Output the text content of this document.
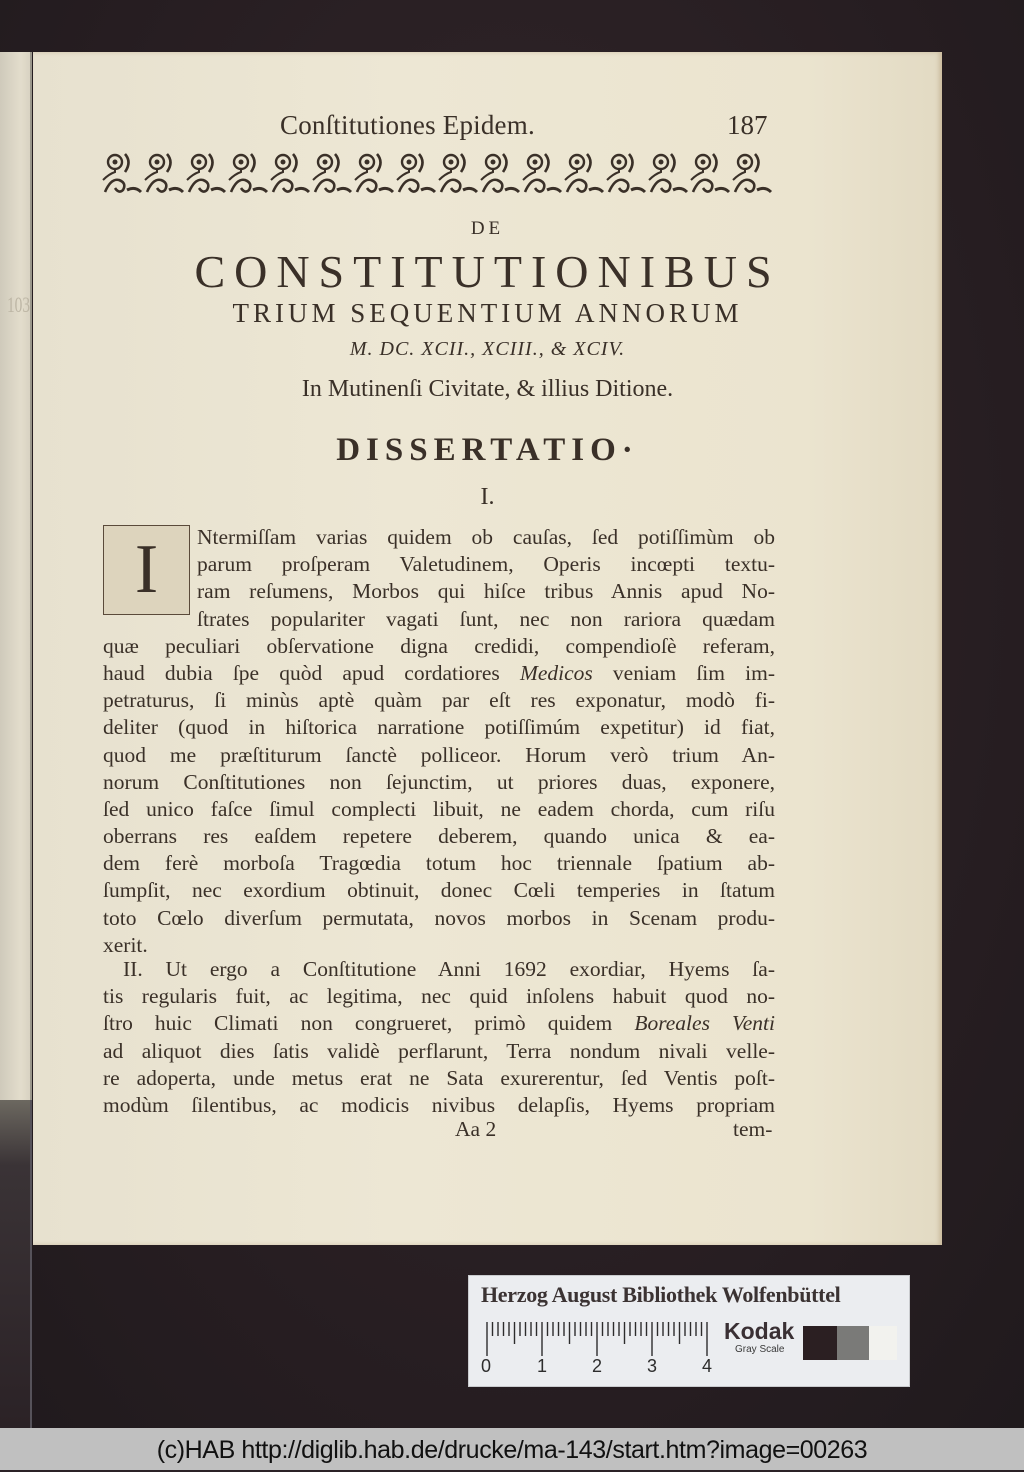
103
Conſtitutiones Epidem.	187
DE
CONSTITUTIONIBUS
TRIUM SEQUENTIUM ANNORUM
M. DC. XCII., XCIII., & XCIV.
In Mutinenſi Civitate, & illius Ditione.
DISSERTATIO·
I.
I	Ntermiſſam varias quidem ob cauſas, ſed potiſſimùm ob
parum proſperam Valetudinem, Operis incœpti textu-
ram reſumens, Morbos qui hiſce tribus Annis apud No-
ſtrates populariter vagati ſunt, nec non rariora quædam
quæ peculiari obſervatione digna credidi, compendioſè referam,
haud dubia ſpe quòd apud cordatiores Medicos veniam ſim im-
petraturus, ſi minùs aptè quàm par eſt res exponatur, modò fi-
deliter (quod in hiſtorica narratione potiſſimúm expetitur) id fiat,
quod me præſtiturum ſanctè polliceor. Horum verò trium An-
norum Conſtitutiones non ſejunctim, ut priores duas, exponere,
ſed unico faſce ſimul complecti libuit, ne eadem chorda, cum riſu
oberrans res eaſdem repetere deberem, quando unica & ea-
dem ferè morboſa Tragœdia totum hoc triennale ſpatium ab-
ſumpſit, nec exordium obtinuit, donec Cœli temperies in ſtatum
toto Cœlo diverſum permutata, novos morbos in Scenam produ-
xerit.
II. Ut ergo a Conſtitutione Anni 1692 exordiar, Hyems ſa-
tis regularis fuit, ac legitima, nec quid inſolens habuit quod no-
ſtro huic Climati non congrueret, primò quidem Boreales Venti
ad aliquot dies ſatis validè perflarunt, Terra nondum nivali velle-
re adoperta, unde metus erat ne Sata exurerentur, ſed Ventis poſt-
modùm ſilentibus, ac modicis nivibus delapſis, Hyems propriam
Aa 2	tem-
Herzog August Bibliothek Wolfenbüttel
0	1 2 3 4
Kodak
Gray Scale
(c)HAB http://diglib.hab.de/drucke/ma-143/start.htm?image=00263
